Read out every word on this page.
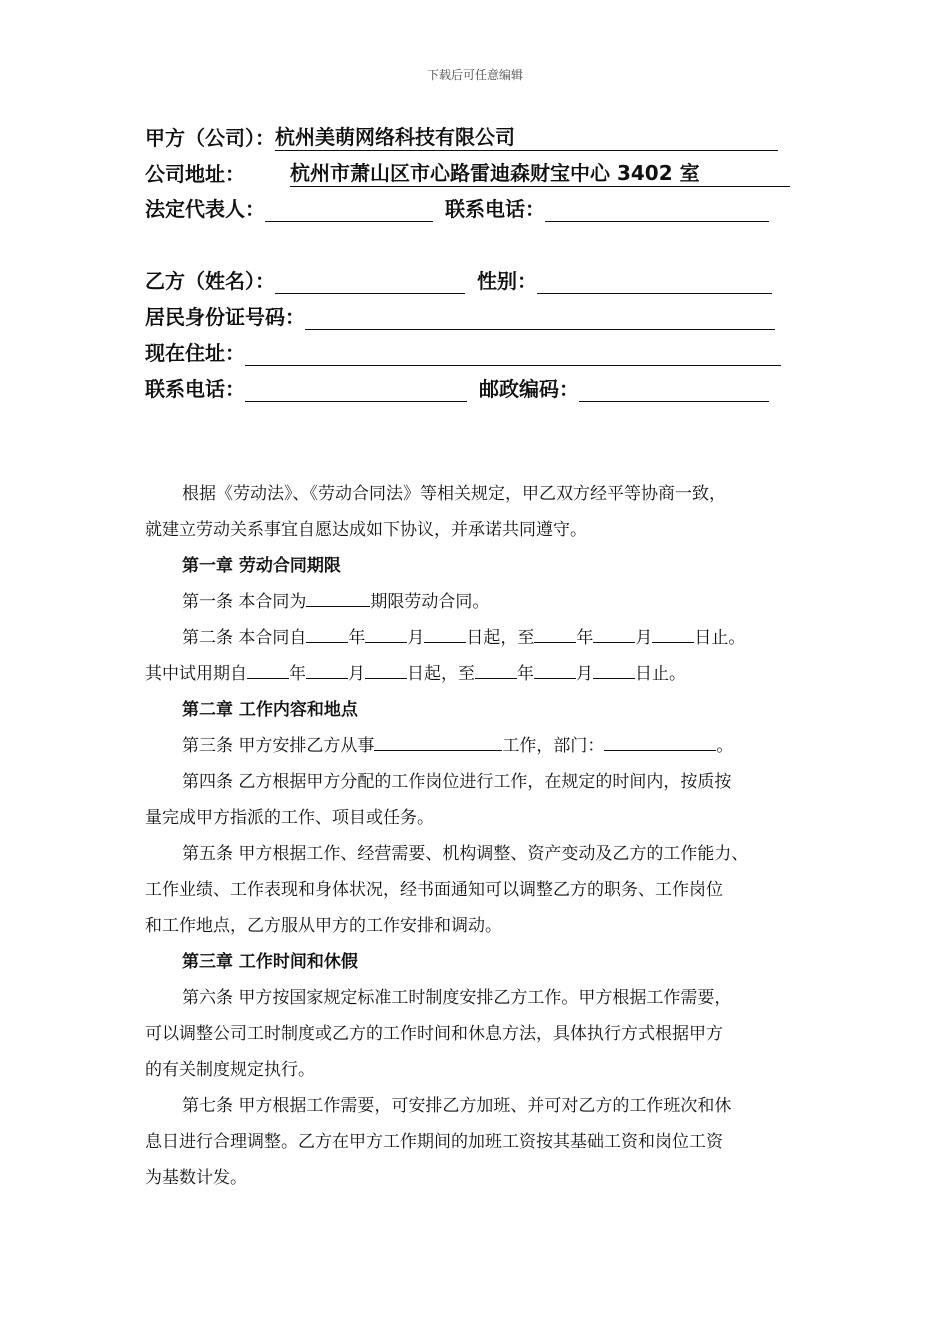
下载后可任意编辑
甲方（公司）： 杭州美萌网络科技有限公司
公司地址：	杭州市萧山区市心路雷迪森财宝中心 3402 室
法定代表人：	联系电话：
乙方（姓名）：	性别：
居民身份证号码：
现在住址：
联系电话：	邮政编码：
根据《劳动法》、《劳动合同法》等相关规定，甲乙双方经平等协商一致，
就建立劳动关系事宜自愿达成如下协议，并承诺共同遵守。
第一章 劳动合同期限
第一条 本合同为	期限劳动合同。
第二条 本合同自 年 月 日起，至 年 月 日止。
其中试用期自 年 月 日起，至 年 月 日止。
第二章 工作内容和地点
第三条 甲方安排乙方从事	工作，部门：	。
第四条 乙方根据甲方分配的工作岗位进行工作，在规定的时间内，按质按
量完成甲方指派的工作、项目或任务。
第五条 甲方根据工作、经营需要、机构调整、资产变动及乙方的工作能力、
工作业绩、工作表现和身体状况，经书面通知可以调整乙方的职务、工作岗位
和工作地点，乙方服从甲方的工作安排和调动。
第三章 工作时间和休假
第六条 甲方按国家规定标准工时制度安排乙方工作。甲方根据工作需要，
可以调整公司工时制度或乙方的工作时间和休息方法，具体执行方式根据甲方
的有关制度规定执行。
第七条 甲方根据工作需要，可安排乙方加班、并可对乙方的工作班次和休
息日进行合理调整。乙方在甲方工作期间的加班工资按其基础工资和岗位工资
为基数计发。
